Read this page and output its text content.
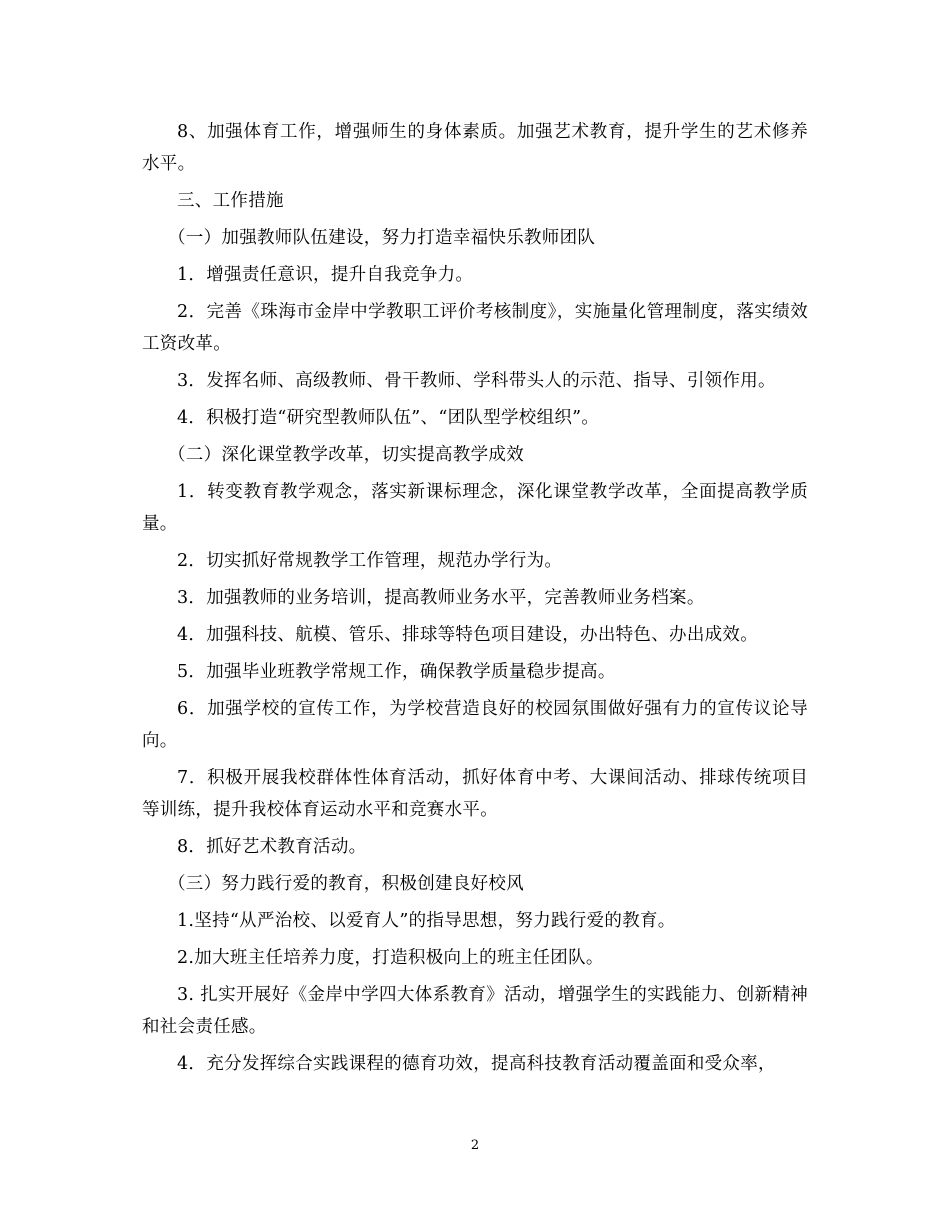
8、加强体育工作，增强师生的身体素质。加强艺术教育，提升学生的艺术修养水平。

三、工作措施

（一）加强教师队伍建设，努力打造幸福快乐教师团队

1．增强责任意识，提升自我竞争力。

2．完善《珠海市金岸中学教职工评价考核制度》，实施量化管理制度，落实绩效工资改革。

3．发挥名师、高级教师、骨干教师、学科带头人的示范、指导、引领作用。

4．积极打造“研究型教师队伍”、“团队型学校组织”。

（二）深化课堂教学改革，切实提高教学成效

1．转变教育教学观念，落实新课标理念，深化课堂教学改革，全面提高教学质量。

2．切实抓好常规教学工作管理，规范办学行为。

3．加强教师的业务培训，提高教师业务水平，完善教师业务档案。

4．加强科技、航模、管乐、排球等特色项目建设，办出特色、办出成效。

5．加强毕业班教学常规工作，确保教学质量稳步提高。

6．加强学校的宣传工作，为学校营造良好的校园氛围做好强有力的宣传议论导向。

7．积极开展我校群体性体育活动，抓好体育中考、大课间活动、排球传统项目等训练，提升我校体育运动水平和竞赛水平。

8．抓好艺术教育活动。

（三）努力践行爱的教育，积极创建良好校风

1.坚持“从严治校、以爱育人”的指导思想，努力践行爱的教育。

2.加大班主任培养力度，打造积极向上的班主任团队。

3. 扎实开展好《金岸中学四大体系教育》活动，增强学生的实践能力、创新精神和社会责任感。

4．充分发挥综合实践课程的德育功效，提高科技教育活动覆盖面和受众率，

2
